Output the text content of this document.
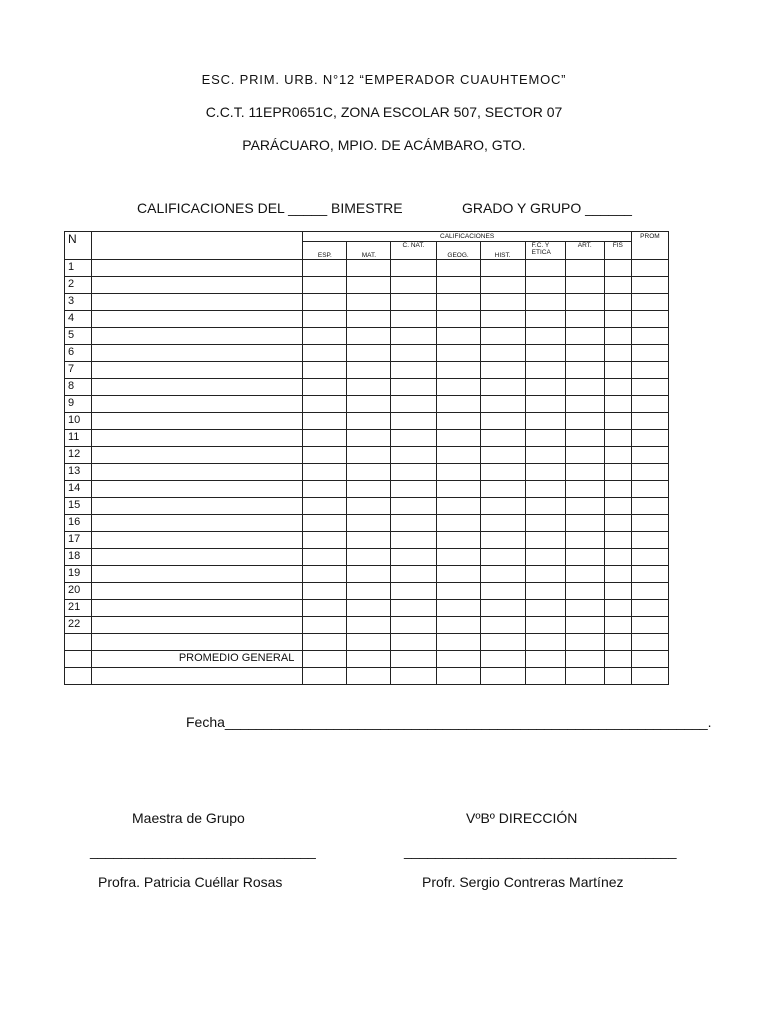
ESC. PRIM. URB. N°12 “EMPERADOR CUAUHTEMOC”
C.C.T. 11EPR0651C, ZONA ESCOLAR 507, SECTOR 07
PARÁCUARO, MPIO. DE ACÁMBARO, GTO.
CALIFICACIONES DEL _____ BIMESTRE	GRADO Y GRUPO ______
N		CALIFICACIONES								PROM
		ESP.	MAT.	C. NAT.	GEOG.	HIST.	F.C. Y ETICA	ART.	FIS	
1										
2										
3										
4										
5										
6										
7										
8										
9										
10										
11										
12										
13										
14										
15										
16										
17										
18										
19										
20										
21										
22										

	PROMEDIO GENERAL									

Fecha______________________________________________________________.
Maestra de Grupo	VºBº DIRECCIÓN
_____________________________	___________________________________
Profra. Patricia Cuéllar Rosas	Profr. Sergio Contreras Martínez
